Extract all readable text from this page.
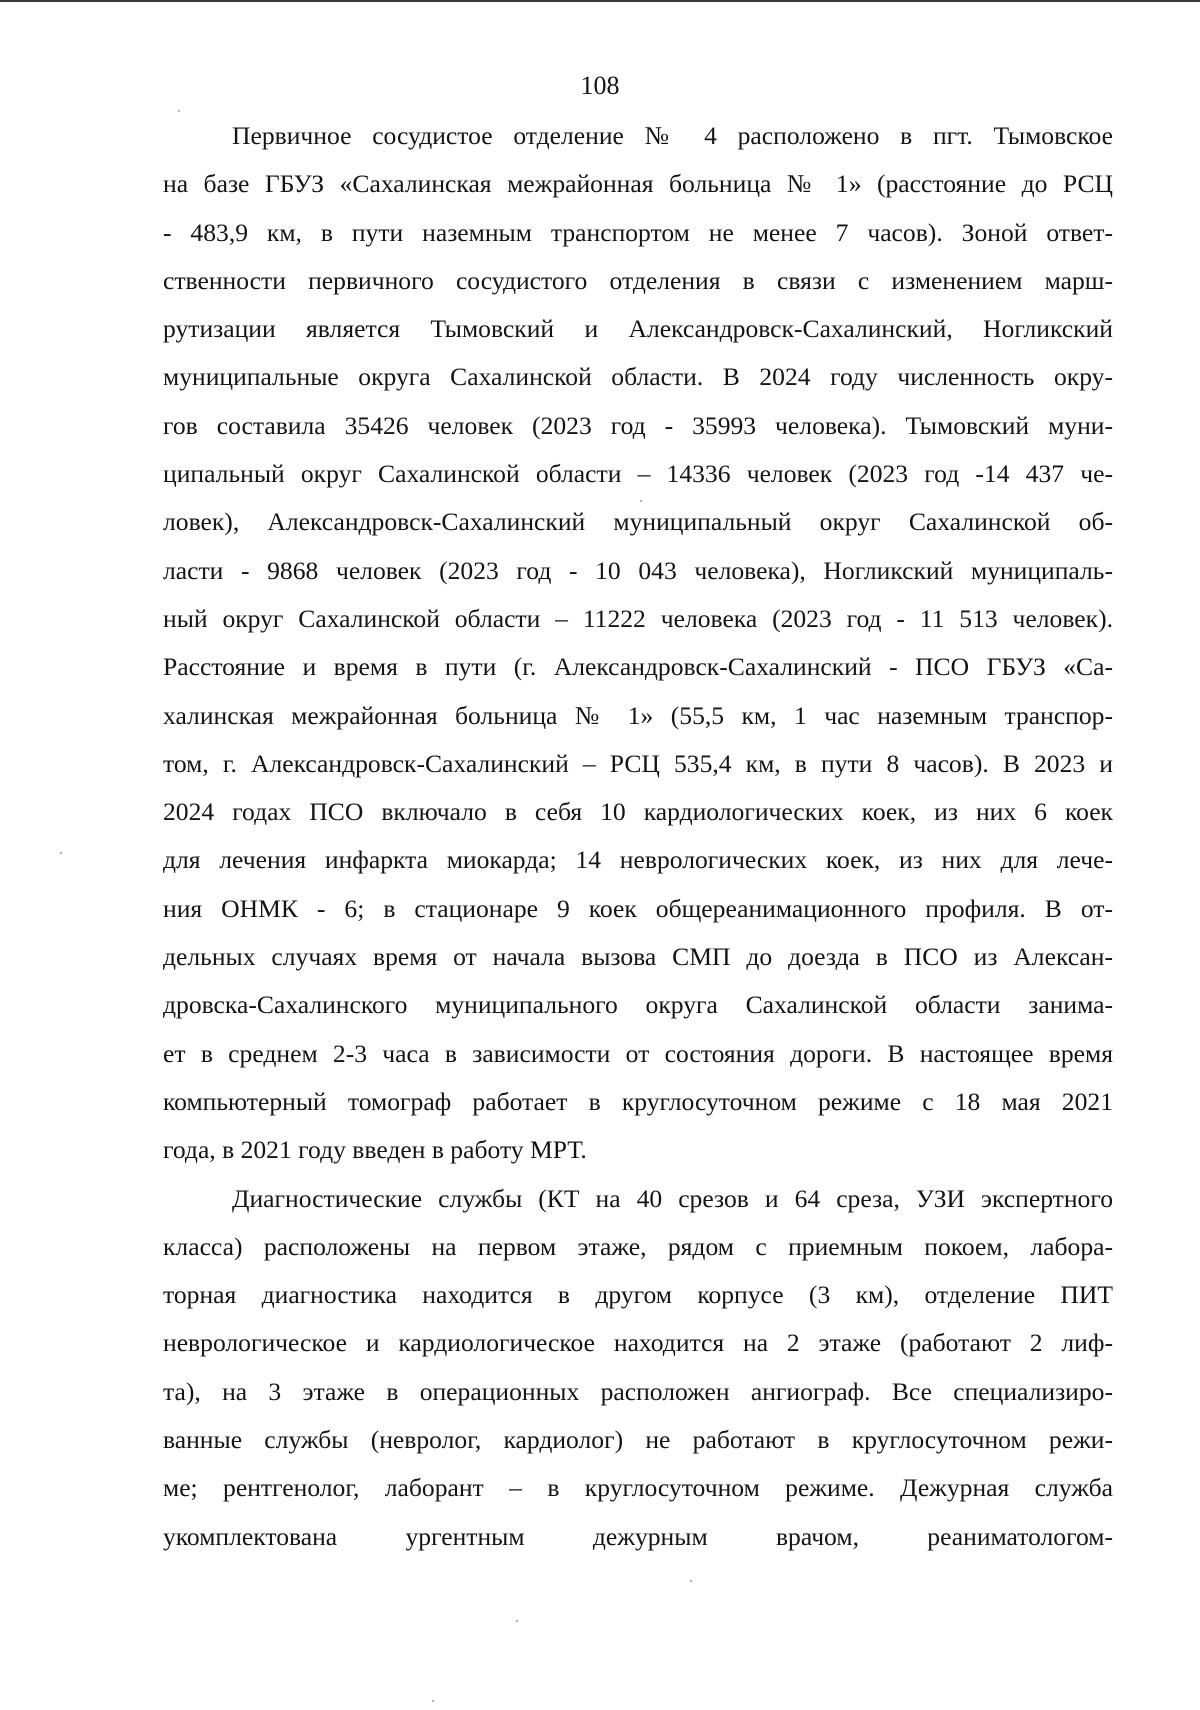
108

Первичное сосудистое отделение № 4 расположено в пгт. Тымовское
на базе ГБУЗ «Сахалинская межрайонная больница № 1» (расстояние до РСЦ
- 483,9 км, в пути наземным транспортом не менее 7 часов). Зоной ответ-
ственности первичного сосудистого отделения в связи с изменением марш-
рутизации является Тымовский и Александровск-Сахалинский, Ногликский
муниципальные округа Сахалинской области. В 2024 году численность окру-
гов составила 35426 человек (2023 год - 35993 человека). Тымовский муни-
ципальный округ Сахалинской области – 14336 человек (2023 год -14 437 че-
ловек), Александровск-Сахалинский муниципальный округ Сахалинской об-
ласти - 9868 человек (2023 год - 10 043 человека), Ногликский муниципаль-
ный округ Сахалинской области – 11222 человека (2023 год - 11 513 человек).
Расстояние и время в пути (г. Александровск-Сахалинский - ПСО ГБУЗ «Са-
халинская межрайонная больница № 1» (55,5 км, 1 час наземным транспор-
том, г. Александровск-Сахалинский – РСЦ 535,4 км, в пути 8 часов). В 2023 и
2024 годах ПСО включало в себя 10 кардиологических коек, из них 6 коек
для лечения инфаркта миокарда; 14 неврологических коек, из них для лече-
ния ОНМК - 6; в стационаре 9 коек общереанимационного профиля. В от-
дельных случаях время от начала вызова СМП до доезда в ПСО из Алексан-
дровска-Сахалинского муниципального округа Сахалинской области занима-
ет в среднем 2-3 часа в зависимости от состояния дороги. В настоящее время
компьютерный томограф работает в круглосуточном режиме с 18 мая 2021
года, в 2021 году введен в работу МРТ.

Диагностические службы (КТ на 40 срезов и 64 среза, УЗИ экспертного
класса) расположены на первом этаже, рядом с приемным покоем, лабора-
торная диагностика находится в другом корпусе (3 км), отделение ПИТ
неврологическое и кардиологическое находится на 2 этаже (работают 2 лиф-
та), на 3 этаже в операционных расположен ангиограф. Все специализиро-
ванные службы (невролог, кардиолог) не работают в круглосуточном режи-
ме; рентгенолог, лаборант – в круглосуточном режиме. Дежурная служба
укомплектована ургентным дежурным врачом, реаниматологом-
